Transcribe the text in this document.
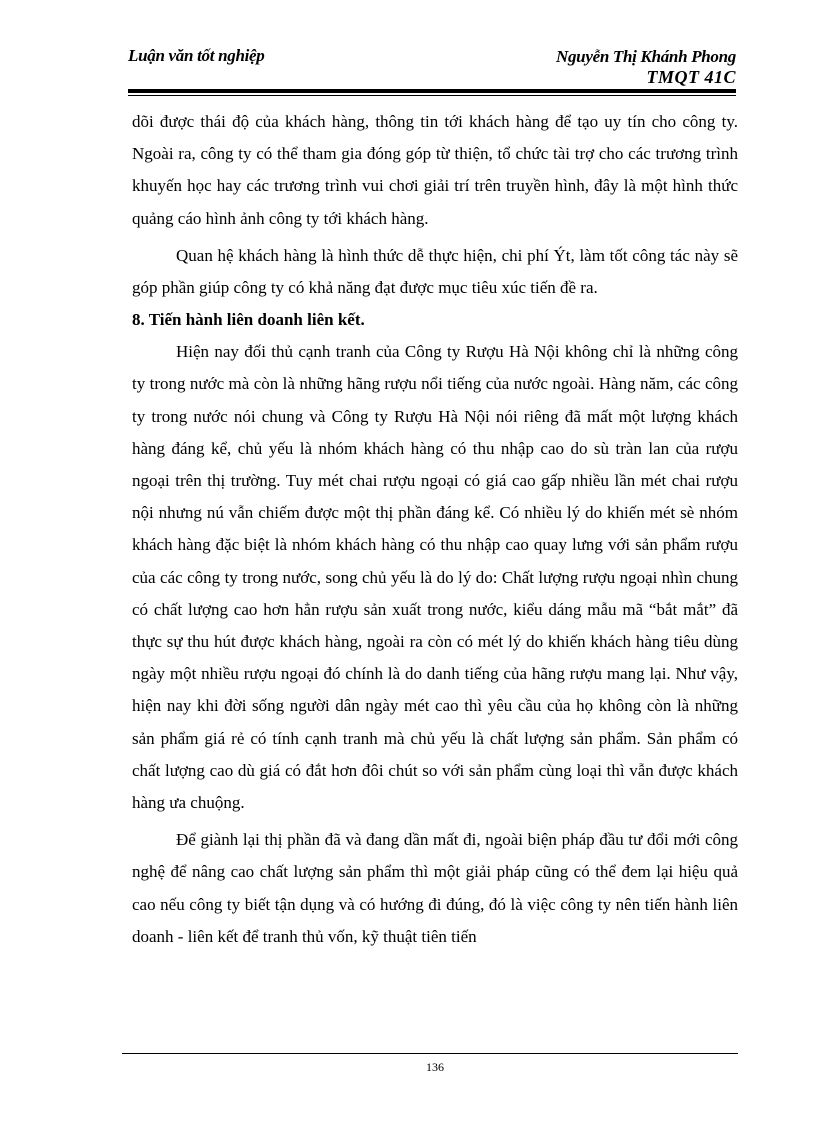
Luận văn tốt nghiệp	Nguyễn Thị Khánh Phong
TMQT 41C

dõi được thái độ của khách hàng, thông tin tới khách hàng để tạo uy tín cho công ty. Ngoài ra, công ty có thể tham gia đóng góp từ thiện, tổ chức tài trợ cho các trương trình khuyến học hay các trương trình vui chơi giải trí trên truyền hình, đây là một hình thức quảng cáo hình ảnh công ty tới khách hàng.

Quan hệ khách hàng là hình thức dễ thực hiện, chi phí Ýt, làm tốt công tác này sẽ góp phần giúp công ty có khả năng đạt được mục tiêu xúc tiến đề ra.

8. Tiến hành liên doanh liên kết.

Hiện nay đối thủ cạnh tranh của Công ty Rượu Hà Nội không chỉ là những công ty trong nước mà còn là những hãng rượu nổi tiếng của nước ngoài. Hàng năm, các công ty trong nước nói chung và Công ty Rượu Hà Nội nói riêng đã mất một lượng khách hàng đáng kể, chủ yếu là nhóm khách hàng có thu nhập cao do sù tràn lan của rượu ngoại trên thị trường. Tuy mét chai rượu ngoại có giá cao gấp nhiều lần mét chai rượu nội nhưng nú vẫn chiếm được một thị phần đáng kể. Có nhiều lý do khiến mét sè nhóm khách hàng đặc biệt là nhóm khách hàng có thu nhập cao quay lưng với sản phẩm rượu của các công ty trong nước, song chủ yếu là do lý do: Chất lượng rượu ngoại nhìn chung có chất lượng cao hơn hẳn rượu sản xuất trong nước, kiểu dáng mẫu mã “bắt mắt” đã thực sự thu hút được khách hàng, ngoài ra còn có mét lý do khiến khách hàng tiêu dùng ngày một nhiều rượu ngoại đó chính là do danh tiếng của hãng rượu mang lại. Như vậy, hiện nay khi đời sống người dân ngày mét cao thì yêu cầu của họ không còn là những sản phẩm giá rẻ có tính cạnh tranh mà chủ yếu là chất lượng sản phẩm. Sản phẩm có chất lượng cao dù giá có đắt hơn đôi chút so với sản phẩm cùng loại thì vẫn được khách hàng ưa chuộng.

Để giành lại thị phần đã và đang dần mất đi, ngoài biện pháp đầu tư đổi mới công nghệ để nâng cao chất lượng sản phẩm thì một giải pháp cũng có thể đem lại hiệu quả cao nếu công ty biết tận dụng và có hướng đi đúng, đó là việc công ty nên tiến hành liên doanh - liên kết để tranh thủ vốn, kỹ thuật tiên tiến

136
